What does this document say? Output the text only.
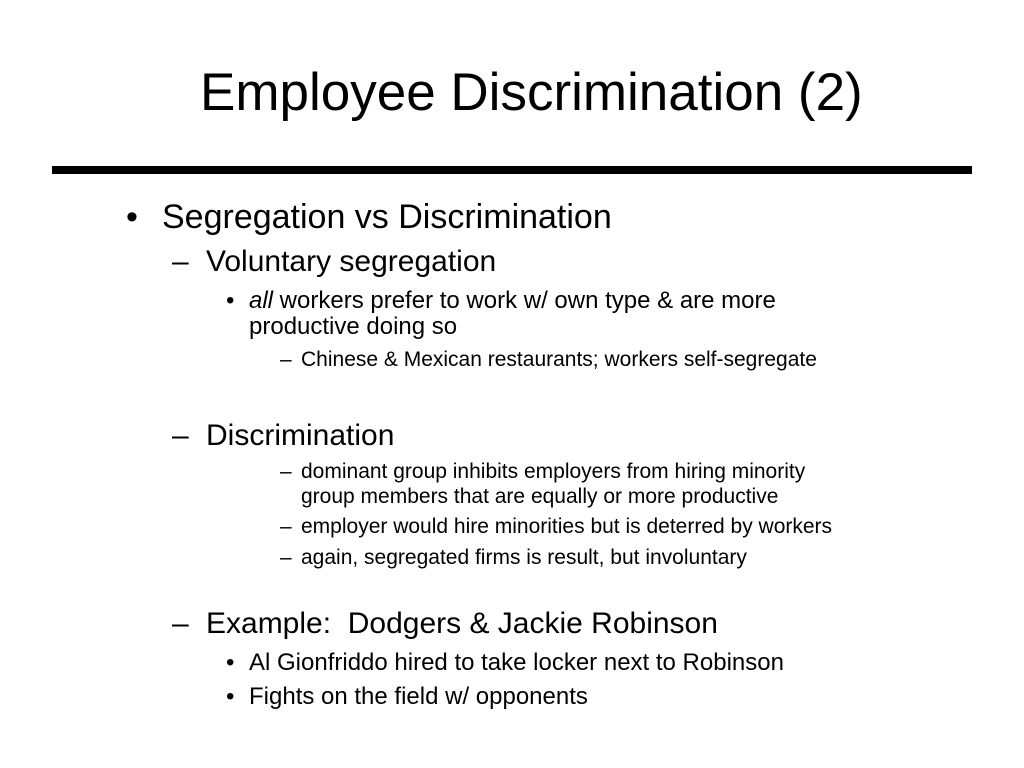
Employee Discrimination (2)
• Segregation vs Discrimination
– Voluntary segregation
• all workers prefer to work w/ own type & are more
productive doing so
– Chinese & Mexican restaurants; workers self-segregate
– Discrimination
– dominant group inhibits employers from hiring minority
group members that are equally or more productive
– employer would hire minorities but is deterred by workers
– again, segregated firms is result, but involuntary
– Example:  Dodgers & Jackie Robinson
• Al Gionfriddo hired to take locker next to Robinson
• Fights on the field w/ opponents
